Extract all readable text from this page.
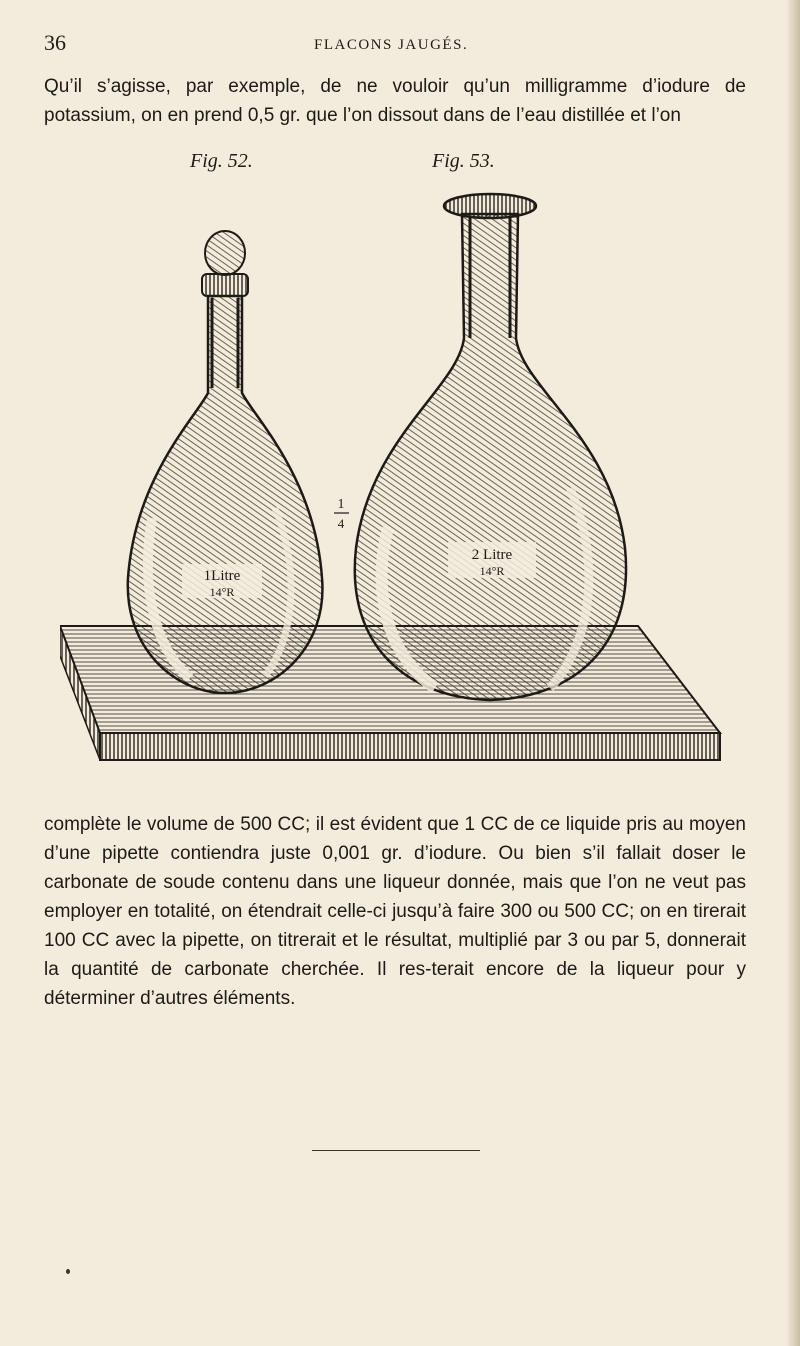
36	FLACONS JAUGÉS.

Qu’il s’agisse, par exemple, de ne vouloir qu’un milligramme d’iodure de potassium, on en prend 0,5 gr. que l’on dissout dans de l’eau distillée et l’on

Fig. 52.	Fig. 53.
1Litre
14°R
1
4
2 Litre
14°R

complète le volume de 500 CC; il est évident que 1 CC de ce liquide pris au moyen d’une pipette contiendra juste 0,001 gr. d’iodure. Ou bien s’il fallait doser le carbonate de soude contenu dans une liqueur donnée, mais que l’on ne veut pas employer en totalité, on étendrait celle-ci jusqu’à faire 300 ou 500 CC; on en tirerait 100 CC avec la pipette, on titrerait et le résultat, multiplié par 3 ou par 5, donnerait la quantité de carbonate cherchée. Il res-terait encore de la liqueur pour y déterminer d’autres éléments.
